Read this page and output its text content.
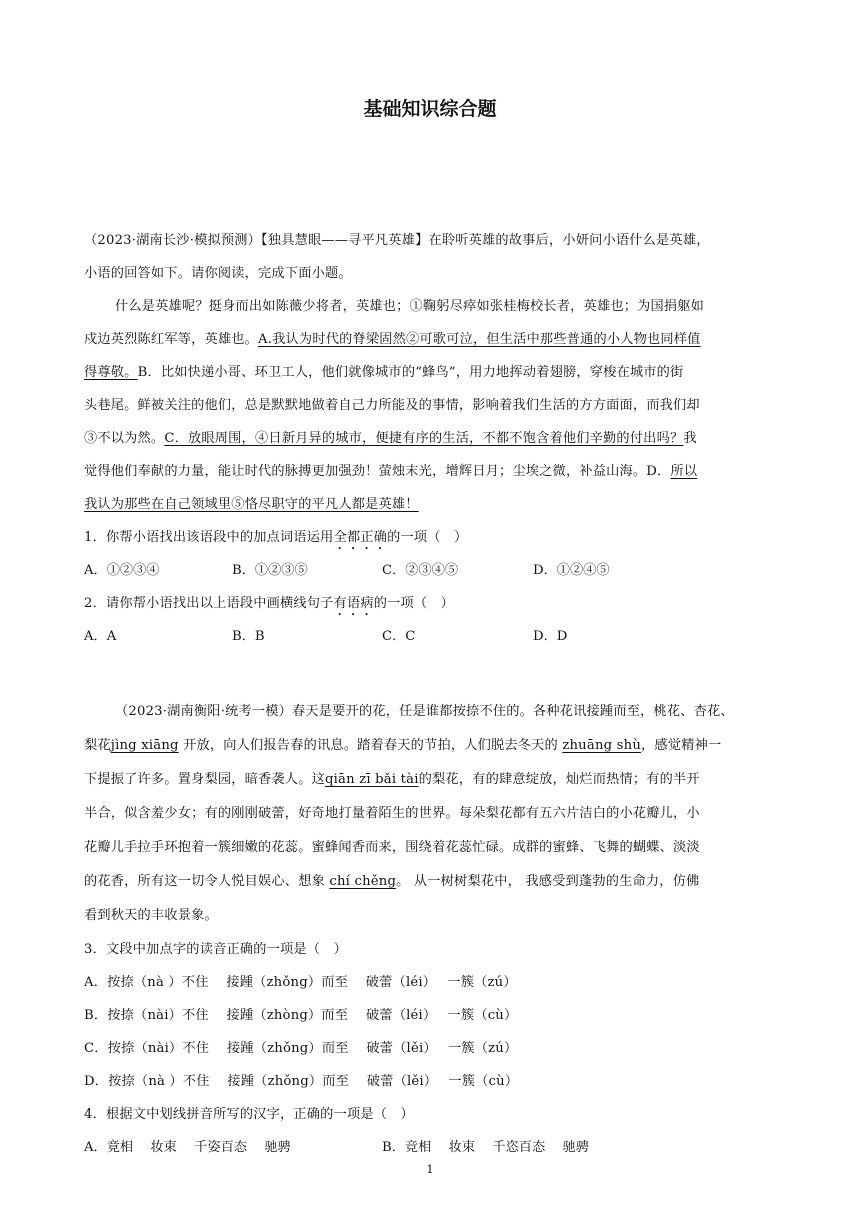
基础知识综合题
（2023·湖南长沙·模拟预测）【独具慧眼——寻平凡英雄】在聆听英雄的故事后，小妍问小语什么是英雄，
小语的回答如下。请你阅读，完成下面小题。
什么是英雄呢？挺身而出如陈薇少将者，英雄也；①鞠躬尽瘁如张桂梅校长者，英雄也；为国捐躯如
戍边英烈陈红军等，英雄也。A.我认为时代的脊梁固然②可歌可泣，但生活中那些普通的小人物也同样值
得尊敬。B．比如快递小哥、环卫工人，他们就像城市的“蜂鸟”，用力地挥动着翅膀，穿梭在城市的街
头巷尾。鲜被关注的他们，总是默默地做着自己力所能及的事情，影响着我们生活的方方面面，而我们却
③不以为然。C．放眼周围，④日新月异的城市，便捷有序的生活，不都不饱含着他们辛勤的付出吗？我
觉得他们奉献的力量，能让时代的脉搏更加强劲！萤烛末光，增辉日月；尘埃之微，补益山海。D．所以
我认为那些在自己领域里⑤恪尽职守的平凡人都是英雄！
1．你帮小语找出该语段中的加点词语运用全都正确的一项（　）
A．①②③④	B．①②③⑤	C．②③④⑤	D．①②④⑤
2．请你帮小语找出以上语段中画横线句子有语病的一项（　）
A．A	B．B	C．C	D．D
（2023·湖南衡阳·统考一模）春天是要开的花，任是谁都按捺不住的。各种花讯接踵而至，桃花、杏花、
梨花jìng xiāng 开放，向人们报告春的讯息。踏着春天的节拍，人们脱去冬天的 zhuāng shù，感觉精神一
下提振了许多。置身梨园，暗香袭人。这qiān zī bǎi tài的梨花，有的肆意绽放，灿烂而热情；有的半开
半合，似含羞少女；有的刚刚破蕾，好奇地打量着陌生的世界。每朵梨花都有五六片洁白的小花瓣儿，小
花瓣儿手拉手环抱着一簇细嫩的花蕊。蜜蜂闻香而来，围绕着花蕊忙碌。成群的蜜蜂、飞舞的蝴蝶、淡淡
的花香，所有这一切令人悦目娱心、想象 chí chěng。 从一树树梨花中， 我感受到蓬勃的生命力，仿佛
看到秋天的丰收景象。
3．文段中加点字的读音正确的一项是（　）
A．按捺（nà ）不住　 接踵（zhǒng）而至　 破蕾（léi）　 一簇（zú）
B．按捺（nài）不住　 接踵（zhòng）而至　 破蕾（léi）　 一簇（cù）
C．按捺（nài）不住　 接踵（zhǒng）而至　 破蕾（lěi）　 一簇（zú）
D．按捺（nà ）不住　 接踵（zhǒng）而至　 破蕾（lěi）　 一簇（cù）
4．根据文中划线拼音所写的汉字，正确的一项是（　）
A．竟相　 妆束　 千姿百态　 驰骋	B．竞相　 妆束　 千恣百态　 驰骋
1
